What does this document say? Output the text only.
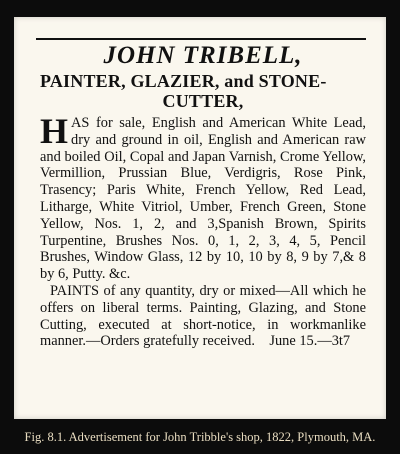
JOHN TRIBELL,

PAINTER, GLAZIER, and STONE-
CUTTER,

HAS for sale, English and American White Lead, dry and ground in oil, English and American raw and boiled Oil, Copal and Japan Varnish, Crome Yellow, Vermillion, Prussian Blue, Verdigris, Rose Pink, Trasency; Paris White, French Yellow, Red Lead, Litharge, White Vitriol, Umber, French Green, Stone Yellow, Nos. 1, 2, and 3,Spanish Brown, Spirits Turpentine, Brushes Nos. 0, 1, 2, 3, 4, 5, Pencil Brushes, Window Glass, 12 by 10, 10 by 8, 9 by 7,& 8 by 6, Putty. &c.

PAINTS of any quantity, dry or mixed—All which he offers on liberal terms. Painting, Glazing, and Stone Cutting, executed at short-notice, in workmanlike manner.—Orders gratefully received. June 15.—3t7

Fig. 8.1. Advertisement for John Tribble's shop, 1822, Plymouth, MA.
